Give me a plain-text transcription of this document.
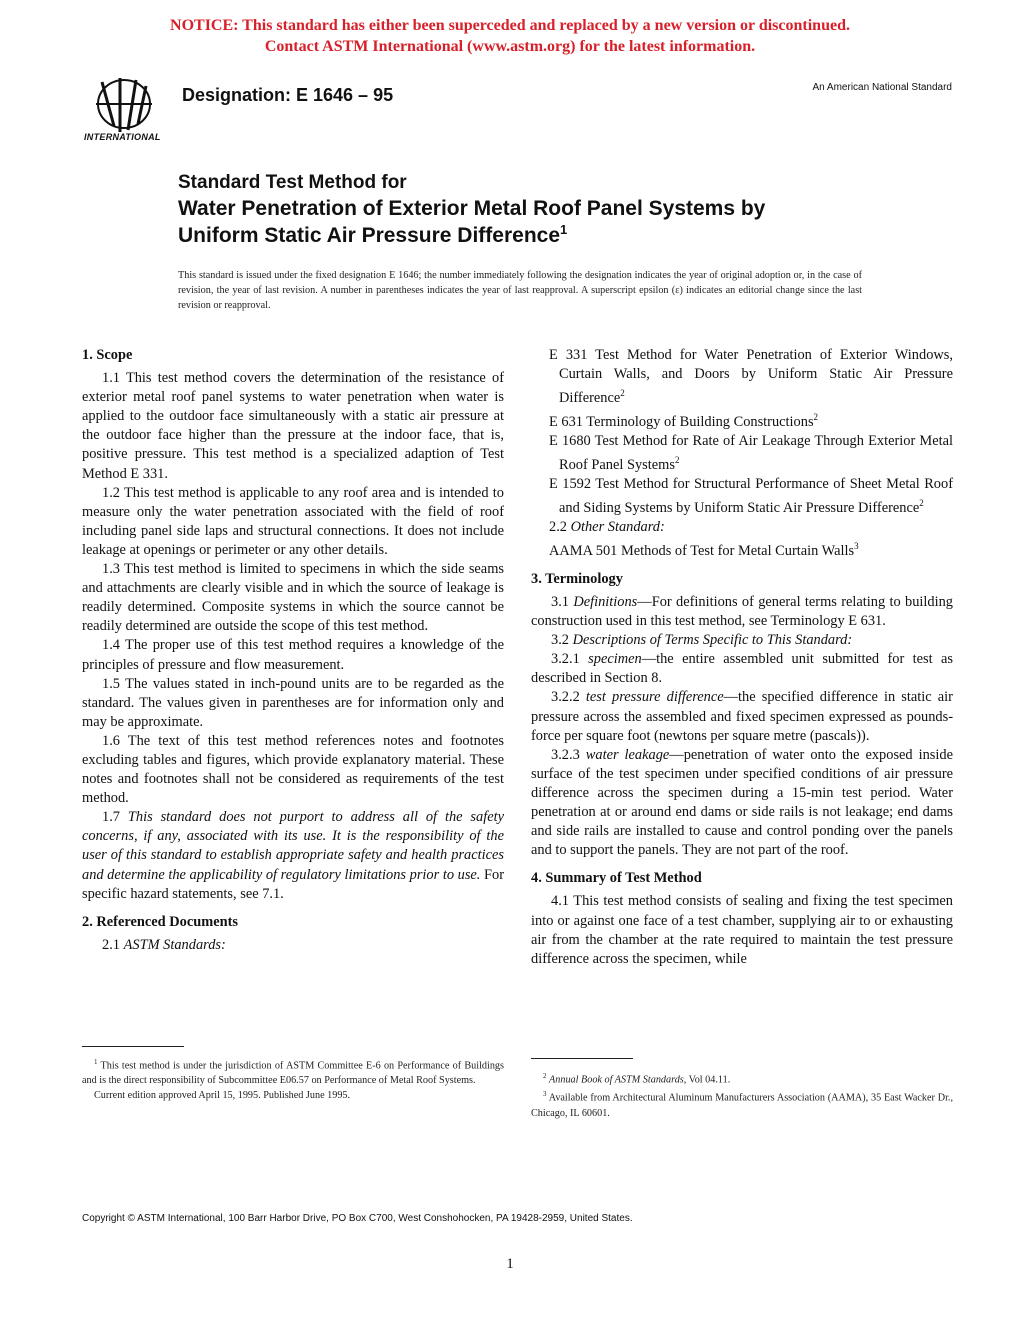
NOTICE: This standard has either been superceded and replaced by a new version or discontinued.
Contact ASTM International (www.astm.org) for the latest information.
INTERNATIONAL
Designation: E 1646 – 95	An American National Standard
Standard Test Method for
Water Penetration of Exterior Metal Roof Panel Systems by
Uniform Static Air Pressure Difference$^1$
This standard is issued under the fixed designation E 1646; the number immediately following the designation indicates the year of original adoption or, in the case of revision, the year of last revision. A number in parentheses indicates the year of last reapproval. A superscript epsilon (ε) indicates an editorial change since the last revision or reapproval.
1. Scope

1.1 This test method covers the determination of the resistance of exterior metal roof panel systems to water penetration when water is applied to the outdoor face simultaneously with a static air pressure at the outdoor face higher than the pressure at the indoor face, that is, positive pressure. This test method is a specialized adaption of Test Method E 331.

1.2 This test method is applicable to any roof area and is intended to measure only the water penetration associated with the field of roof including panel side laps and structural connections. It does not include leakage at openings or perimeter or any other details.

1.3 This test method is limited to specimens in which the side seams and attachments are clearly visible and in which the source of leakage is readily determined. Composite systems in which the source cannot be readily determined are outside the scope of this test method.

1.4 The proper use of this test method requires a knowledge of the principles of pressure and flow measurement.

1.5 The values stated in inch-pound units are to be regarded as the standard. The values given in parentheses are for information only and may be approximate.

1.6 The text of this test method references notes and footnotes excluding tables and figures, which provide explanatory material. These notes and footnotes shall not be considered as requirements of the test method.

1.7 This standard does not purport to address all of the safety concerns, if any, associated with its use. It is the responsibility of the user of this standard to establish appropriate safety and health practices and determine the applicability of regulatory limitations prior to use. For specific hazard statements, see 7.1.

2. Referenced Documents

2.1 ASTM Standards:

E 331 Test Method for Water Penetration of Exterior Windows, Curtain Walls, and Doors by Uniform Static Air Pressure Difference$^2$

E 631 Terminology of Building Constructions$^2$

E 1680 Test Method for Rate of Air Leakage Through Exterior Metal Roof Panel Systems$^2$

E 1592 Test Method for Structural Performance of Sheet Metal Roof and Siding Systems by Uniform Static Air Pressure Difference$^2$

2.2 Other Standard:

AAMA 501 Methods of Test for Metal Curtain Walls$^3$

3. Terminology

3.1 Definitions—For definitions of general terms relating to building construction used in this test method, see Terminology E 631.

3.2 Descriptions of Terms Specific to This Standard:

3.2.1 specimen—the entire assembled unit submitted for test as described in Section 8.

3.2.2 test pressure difference—the specified difference in static air pressure across the assembled and fixed specimen expressed as pounds-force per square foot (newtons per square metre (pascals)).

3.2.3 water leakage—penetration of water onto the exposed inside surface of the test specimen under specified conditions of air pressure difference across the specimen during a 15-min test period. Water penetration at or around end dams or side rails is not leakage; end dams and side rails are installed to cause and control ponding over the panels and to support the panels. They are not part of the roof.

4. Summary of Test Method

4.1 This test method consists of sealing and fixing the test specimen into or against one face of a test chamber, supplying air to or exhausting air from the chamber at the rate required to maintain the test pressure difference across the specimen, while

$^1$ This test method is under the jurisdiction of ASTM Committee E-6 on Performance of Buildings and is the direct responsibility of Subcommittee E06.57 on Performance of Metal Roof Systems.

Current edition approved April 15, 1995. Published June 1995.

$^2$ Annual Book of ASTM Standards, Vol 04.11.

$^3$ Available from Architectural Aluminum Manufacturers Association (AAMA), 35 East Wacker Dr., Chicago, IL 60601.

Copyright © ASTM International, 100 Barr Harbor Drive, PO Box C700, West Conshohocken, PA 19428-2959, United States.
1
